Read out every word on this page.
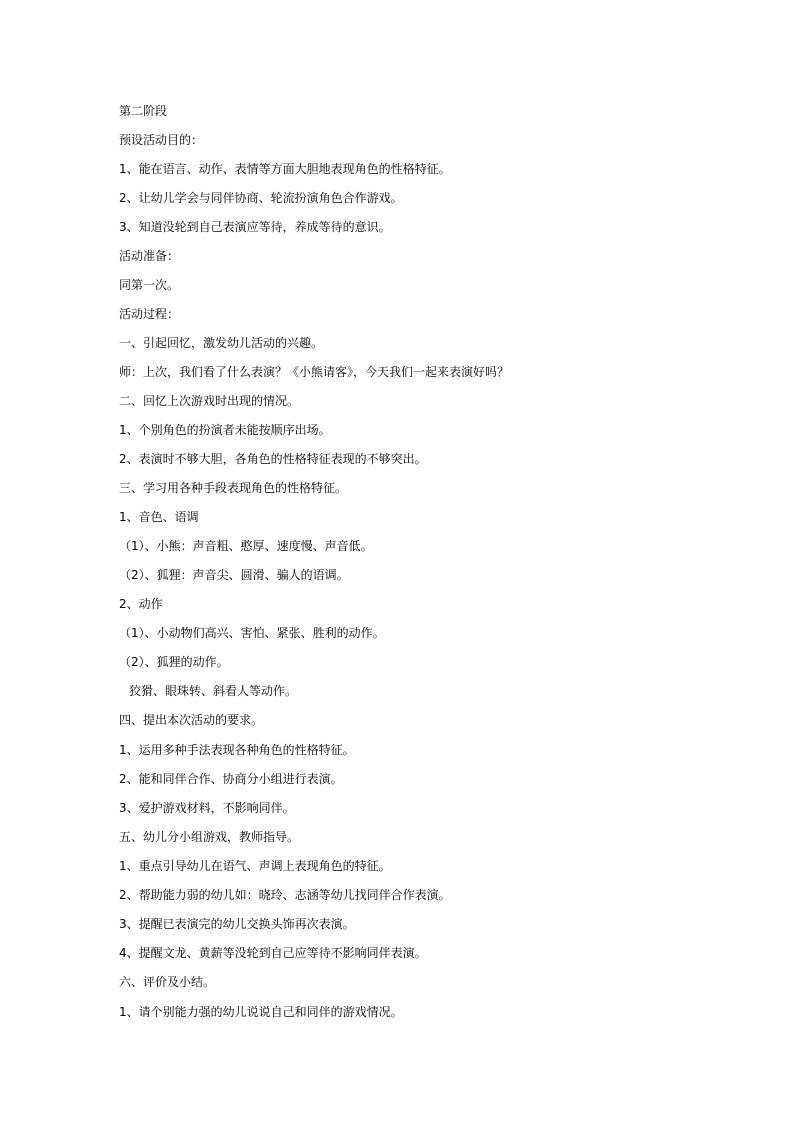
第二阶段
预设活动目的：
1、能在语言、动作、表情等方面大胆地表现角色的性格特征。
2、让幼儿学会与同伴协商、轮流扮演角色合作游戏。
3、知道没轮到自己表演应等待，养成等待的意识。
活动准备：
同第一次。
活动过程：
一、引起回忆，激发幼儿活动的兴趣。
师：上次，我们看了什么表演？《小熊请客》，今天我们一起来表演好吗？
二、回忆上次游戏时出现的情况。
1、个别角色的扮演者未能按顺序出场。
2、表演时不够大胆，各角色的性格特征表现的不够突出。
三、学习用各种手段表现角色的性格特征。
1、音色、语调
（1）、小熊：声音粗、憨厚、速度慢、声音低。
（2）、狐狸：声音尖、圆滑、骗人的语调。
2、动作
（1）、小动物们高兴、害怕、紧张、胜利的动作。
（2）、狐狸的动作。
狡猾、眼珠转、斜看人等动作。
四、提出本次活动的要求。
1、运用多种手法表现各种角色的性格特征。
2、能和同伴合作、协商分小组进行表演。
3、爱护游戏材料，不影响同伴。
五、幼儿分小组游戏，教师指导。
1、重点引导幼儿在语气、声调上表现角色的特征。
2、帮助能力弱的幼儿如：晓玲、志涵等幼儿找同伴合作表演。
3、提醒已表演完的幼儿交换头饰再次表演。
4、提醒文龙、黄薪等没轮到自己应等待不影响同伴表演。
六、评价及小结。
1、请个别能力强的幼儿说说自己和同伴的游戏情况。
